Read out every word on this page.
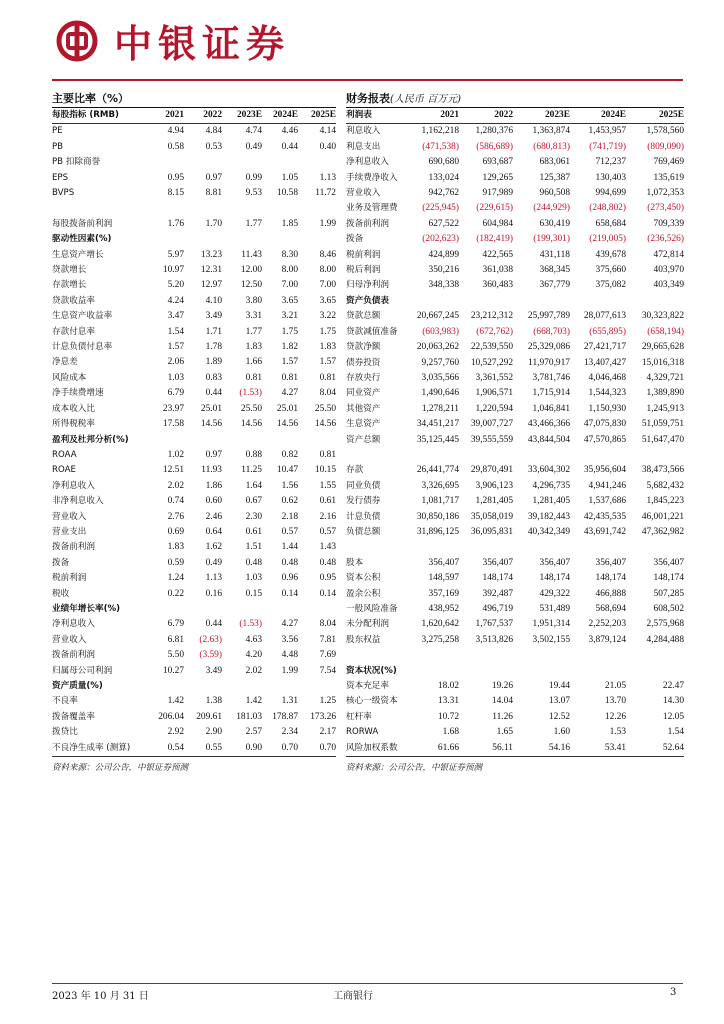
中银证券
主要比率（%）
每股指标 (RMB)	2021	2022	2023E	2024E	2025E
PE	4.94	4.84	4.74	4.46	4.14
PB	0.58	0.53	0.49	0.44	0.40
PB 扣除商誉					
EPS	0.95	0.97	0.99	1.05	1.13
BVPS	8.15	8.81	9.53	10.58	11.72

每股拨备前利润	1.76	1.70	1.77	1.85	1.99
驱动性因素(%)					
生息资产增长	5.97	13.23	11.43	8.30	8.46
贷款增长	10.97	12.31	12.00	8.00	8.00
存款增长	5.20	12.97	12.50	7.00	7.00
贷款收益率	4.24	4.10	3.80	3.65	3.65
生息资产收益率	3.47	3.49	3.31	3.21	3.22
存款付息率	1.54	1.71	1.77	1.75	1.75
计息负债付息率	1.57	1.78	1.83	1.82	1.83
净息差	2.06	1.89	1.66	1.57	1.57
风险成本	1.03	0.83	0.81	0.81	0.81
净手续费增速	6.79	0.44	(1.53)	4.27	8.04
成本收入比	23.97	25.01	25.50	25.01	25.50
所得税税率	17.58	14.56	14.56	14.56	14.56
盈利及杜邦分析(%)					
ROAA	1.02	0.97	0.88	0.82	0.81
ROAE	12.51	11.93	11.25	10.47	10.15
净利息收入	2.02	1.86	1.64	1.56	1.55
非净利息收入	0.74	0.60	0.67	0.62	0.61
营业收入	2.76	2.46	2.30	2.18	2.16
营业支出	0.69	0.64	0.61	0.57	0.57
拨备前利润	1.83	1.62	1.51	1.44	1.43
拨备	0.59	0.49	0.48	0.48	0.48
税前利润	1.24	1.13	1.03	0.96	0.95
税收	0.22	0.16	0.15	0.14	0.14
业绩年增长率(%)					
净利息收入	6.79	0.44	(1.53)	4.27	8.04
营业收入	6.81	(2.63)	4.63	3.56	7.81
拨备前利润	5.50	(3.59)	4.20	4.48	7.69
归属母公司利润	10.27	3.49	2.02	1.99	7.54
资产质量(%)					
不良率	1.42	1.38	1.42	1.31	1.25
拨备覆盖率	206.04	209.61	181.03	178.87	173.26
拨贷比	2.92	2.90	2.57	2.34	2.17
不良净生成率 (测算)	0.54	0.55	0.90	0.70	0.70
资料来源：公司公告，中银证券预测
财务报表(人民币 百万元)
利润表	2021	2022	2023E	2024E	2025E
利息收入	1,162,218	1,280,376	1,363,874	1,453,957	1,578,560
利息支出	(471,538)	(586,689)	(680,813)	(741,719)	(809,090)
净利息收入	690,680	693,687	683,061	712,237	769,469
手续费净收入	133,024	129,265	125,387	130,403	135,619
营业收入	942,762	917,989	960,508	994,699	1,072,353
业务及管理费	(225,945)	(229,615)	(244,929)	(248,802)	(273,450)
拨备前利润	627,522	604,984	630,419	658,684	709,339
拨备	(202,623)	(182,419)	(199,301)	(219,005)	(236,526)
税前利润	424,899	422,565	431,118	439,678	472,814
税后利润	350,216	361,038	368,345	375,660	403,970
归母净利润	348,338	360,483	367,779	375,082	403,349
资产负债表					
贷款总额	20,667,245	23,212,312	25,997,789	28,077,613	30,323,822
贷款减值准备	(603,983)	(672,762)	(668,703)	(655,895)	(658,194)
贷款净额	20,063,262	22,539,550	25,329,086	27,421,717	29,665,628
债券投资	9,257,760	10,527,292	11,970,917	13,407,427	15,016,318
存放央行	3,035,566	3,361,552	3,781,746	4,046,468	4,329,721
同业资产	1,490,646	1,906,571	1,715,914	1,544,323	1,389,890
其他资产	1,278,211	1,220,594	1,046,841	1,150,930	1,245,913
生息资产	34,451,217	39,007,727	43,466,366	47,075,830	51,059,751
资产总额	35,125,445	39,555,559	43,844,504	47,570,865	51,647,470

存款	26,441,774	29,870,491	33,604,302	35,956,604	38,473,566
同业负债	3,326,695	3,906,123	4,296,735	4,941,246	5,682,432
发行债券	1,081,717	1,281,405	1,281,405	1,537,686	1,845,223
计息负债	30,850,186	35,058,019	39,182,443	42,435,535	46,001,221
负债总额	31,896,125	36,095,831	40,342,349	43,691,742	47,362,982

股本	356,407	356,407	356,407	356,407	356,407
资本公积	148,597	148,174	148,174	148,174	148,174
盈余公积	357,169	392,487	429,322	466,888	507,285
一般风险准备	438,952	496,719	531,489	568,694	608,502
未分配利润	1,620,642	1,767,537	1,951,314	2,252,203	2,575,968
股东权益	3,275,258	3,513,826	3,502,155	3,879,124	4,284,488

资本状况(%)					
资本充足率	18.02	19.26	19.44	21.05	22.47
核心一级资本	13.31	14.04	13.07	13.70	14.30
杠杆率	10.72	11.26	12.52	12.26	12.05
RORWA	1.68	1.65	1.60	1.53	1.54
风险加权系数	61.66	56.11	54.16	53.41	52.64
资料来源：公司公告，中银证券预测
2023 年 10 月 31 日	工商银行	3
